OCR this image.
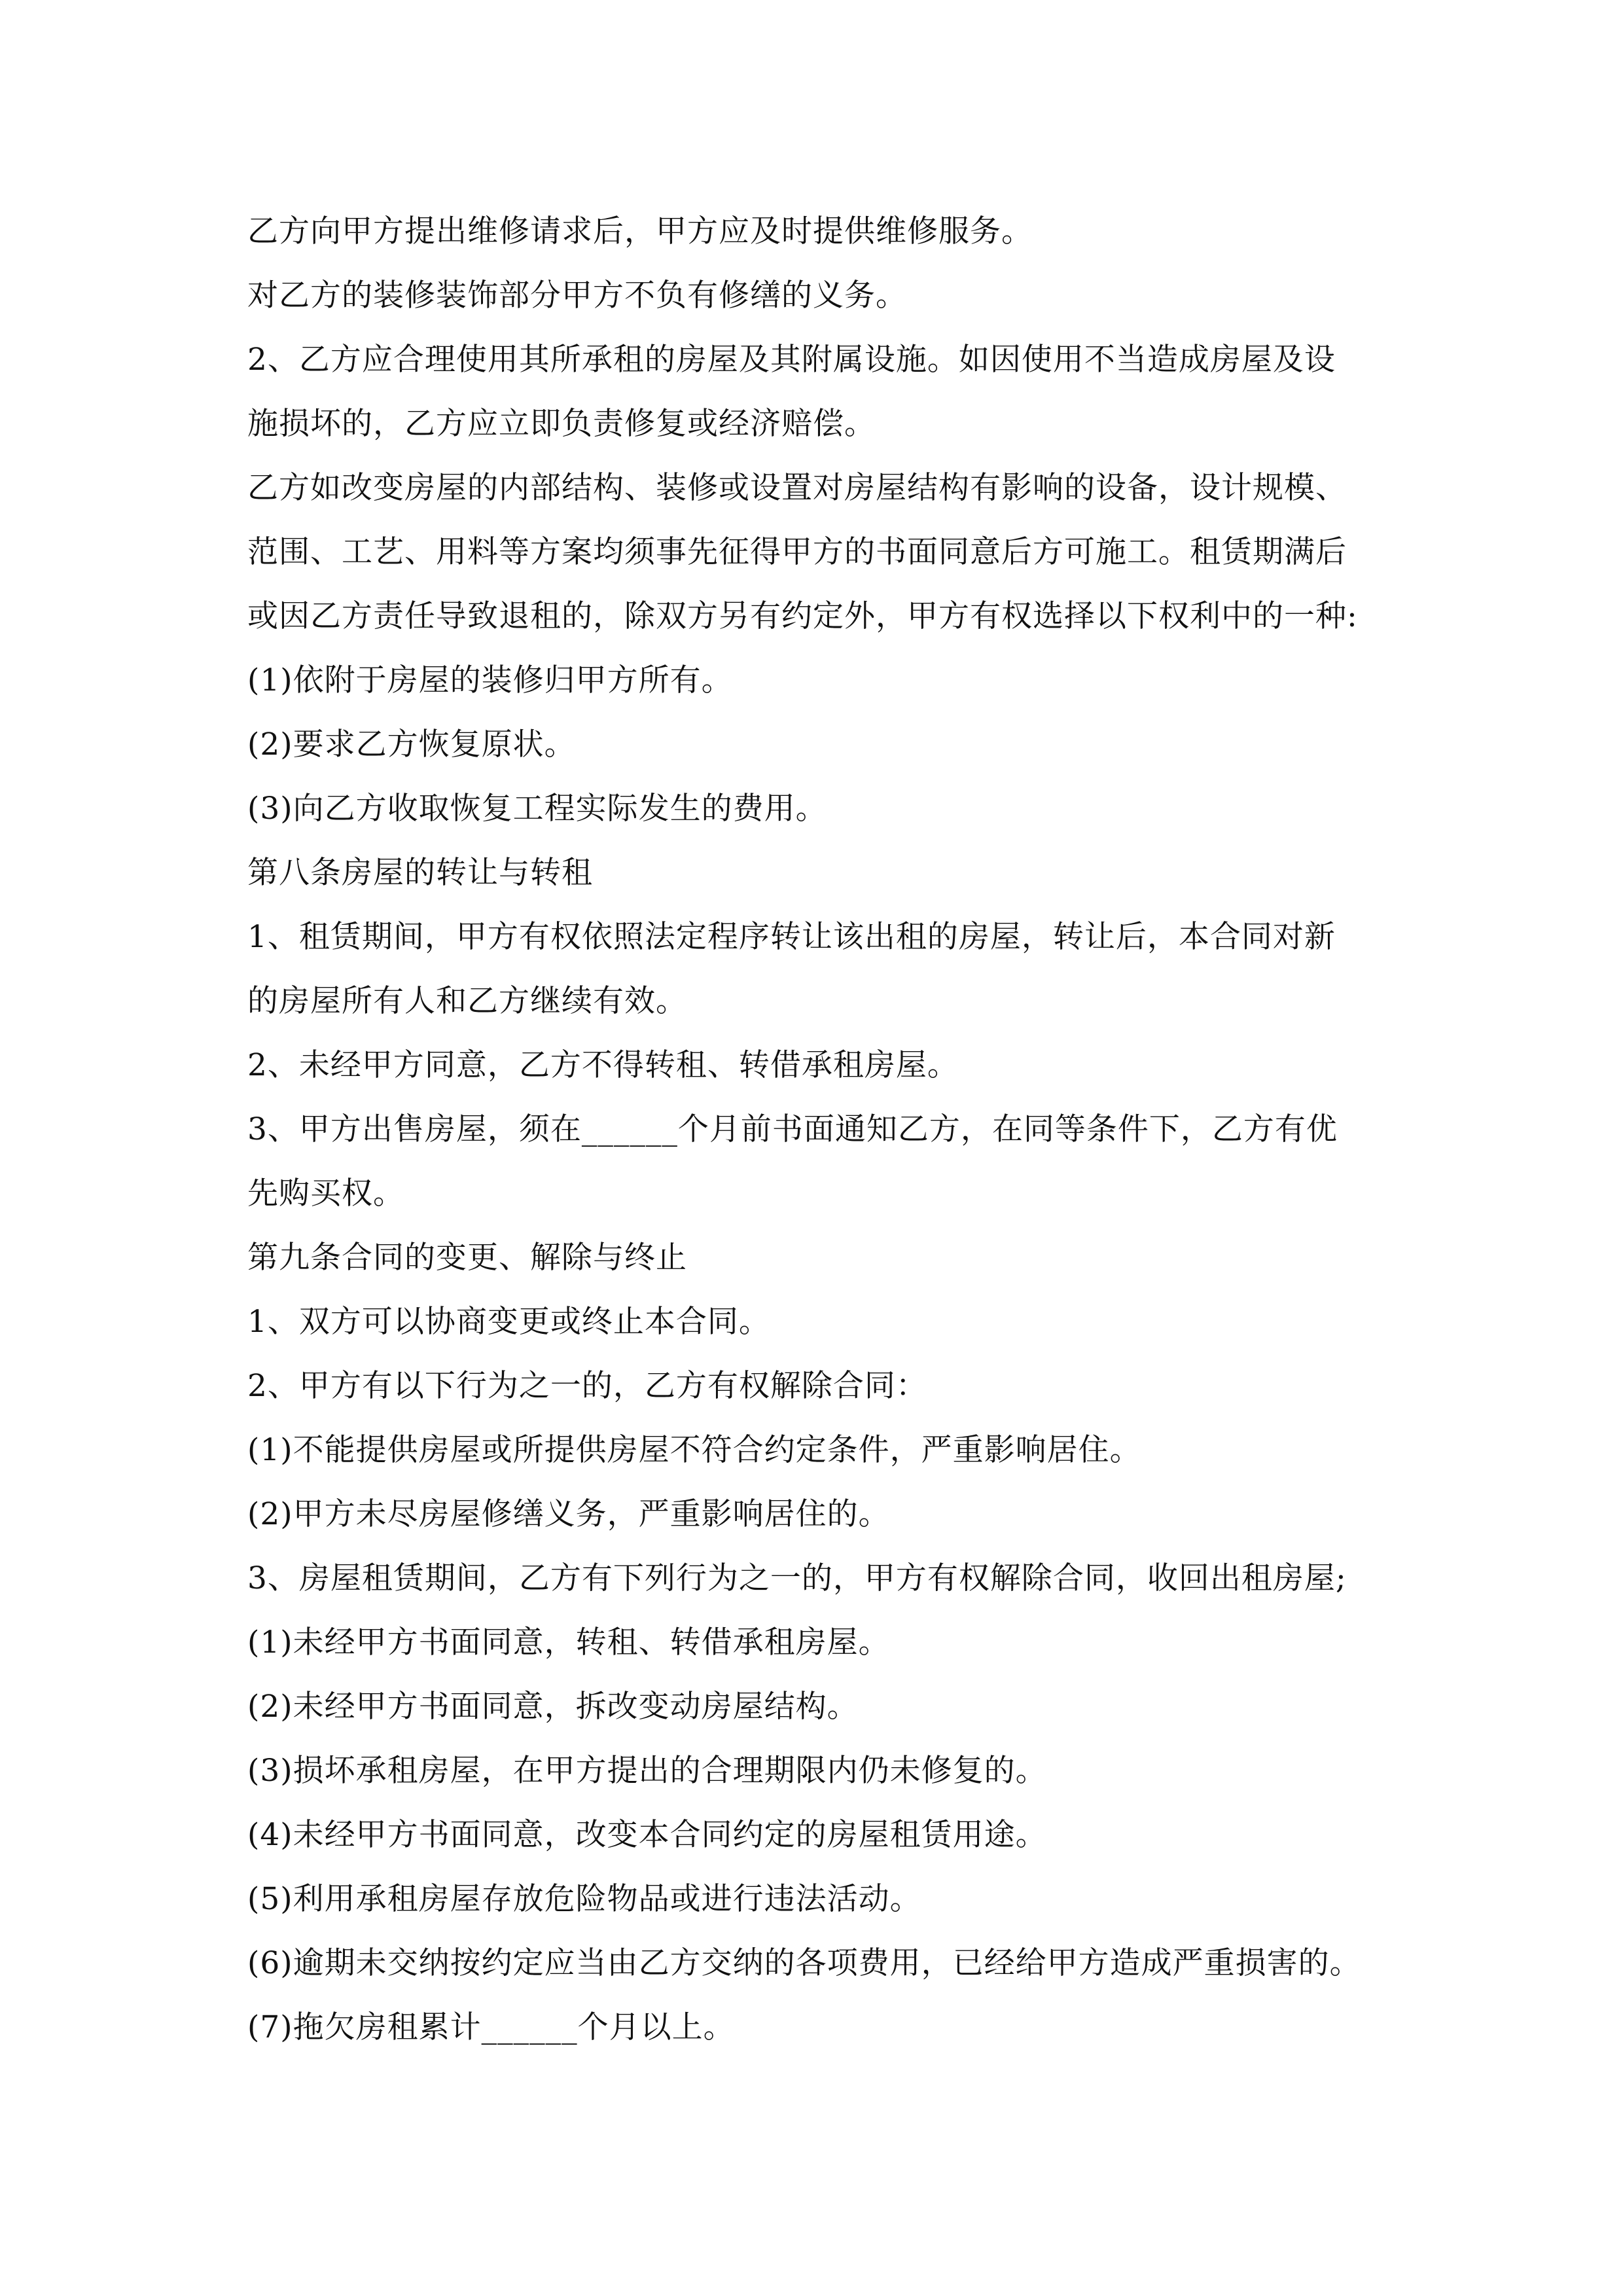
乙方向甲方提出维修请求后，甲方应及时提供维修服务。
对乙方的装修装饰部分甲方不负有修缮的义务。
2、乙方应合理使用其所承租的房屋及其附属设施。如因使用不当造成房屋及设
施损坏的，乙方应立即负责修复或经济赔偿。
乙方如改变房屋的内部结构、装修或设置对房屋结构有影响的设备，设计规模、
范围、工艺、用料等方案均须事先征得甲方的书面同意后方可施工。租赁期满后
或因乙方责任导致退租的，除双方另有约定外，甲方有权选择以下权利中的一种:
(1)依附于房屋的装修归甲方所有。
(2)要求乙方恢复原状。
(3)向乙方收取恢复工程实际发生的费用。
第八条房屋的转让与转租
1、租赁期间，甲方有权依照法定程序转让该出租的房屋，转让后，本合同对新
的房屋所有人和乙方继续有效。
2、未经甲方同意，乙方不得转租、转借承租房屋。
3、甲方出售房屋，须在______个月前书面通知乙方，在同等条件下，乙方有优
先购买权。
第九条合同的变更、解除与终止
1、双方可以协商变更或终止本合同。
2、甲方有以下行为之一的，乙方有权解除合同：
(1)不能提供房屋或所提供房屋不符合约定条件，严重影响居住。
(2)甲方未尽房屋修缮义务，严重影响居住的。
3、房屋租赁期间，乙方有下列行为之一的，甲方有权解除合同，收回出租房屋;
(1)未经甲方书面同意，转租、转借承租房屋。
(2)未经甲方书面同意，拆改变动房屋结构。
(3)损坏承租房屋，在甲方提出的合理期限内仍未修复的。
(4)未经甲方书面同意，改变本合同约定的房屋租赁用途。
(5)利用承租房屋存放危险物品或进行违法活动。
(6)逾期未交纳按约定应当由乙方交纳的各项费用，已经给甲方造成严重损害的。
(7)拖欠房租累计______个月以上。
